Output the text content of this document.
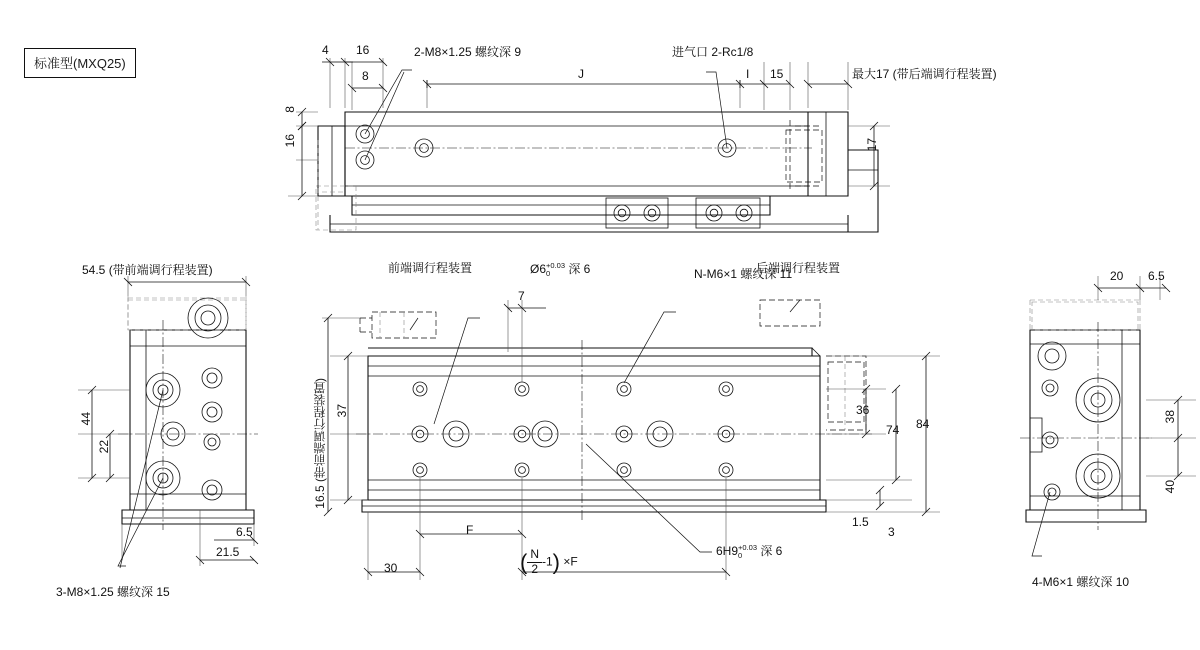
标准型(MXQ25)
4 16
8
2-M8×1.25 螺纹深 9	进气口 2-Rc1/8
J	I 15	最大17 (带后端调行程装置)
8
16	17
54.5 (带前端调行程装置)
44
22
6.5
21.5
3-M8×1.25 螺纹深 15
前端调行程装置	后端调行程装置
Ø6 +0.03
0	深 6	N-M6×1 螺纹深 11
7
37
16.5 (带前端调行程装置)	36
74 84
1.5
3
30
F
( $\frac{N}{2} -1) \times F$
6H9 +0.03
0	深 6
20 6.5
38
40
4-M6×1 螺纹深 10
